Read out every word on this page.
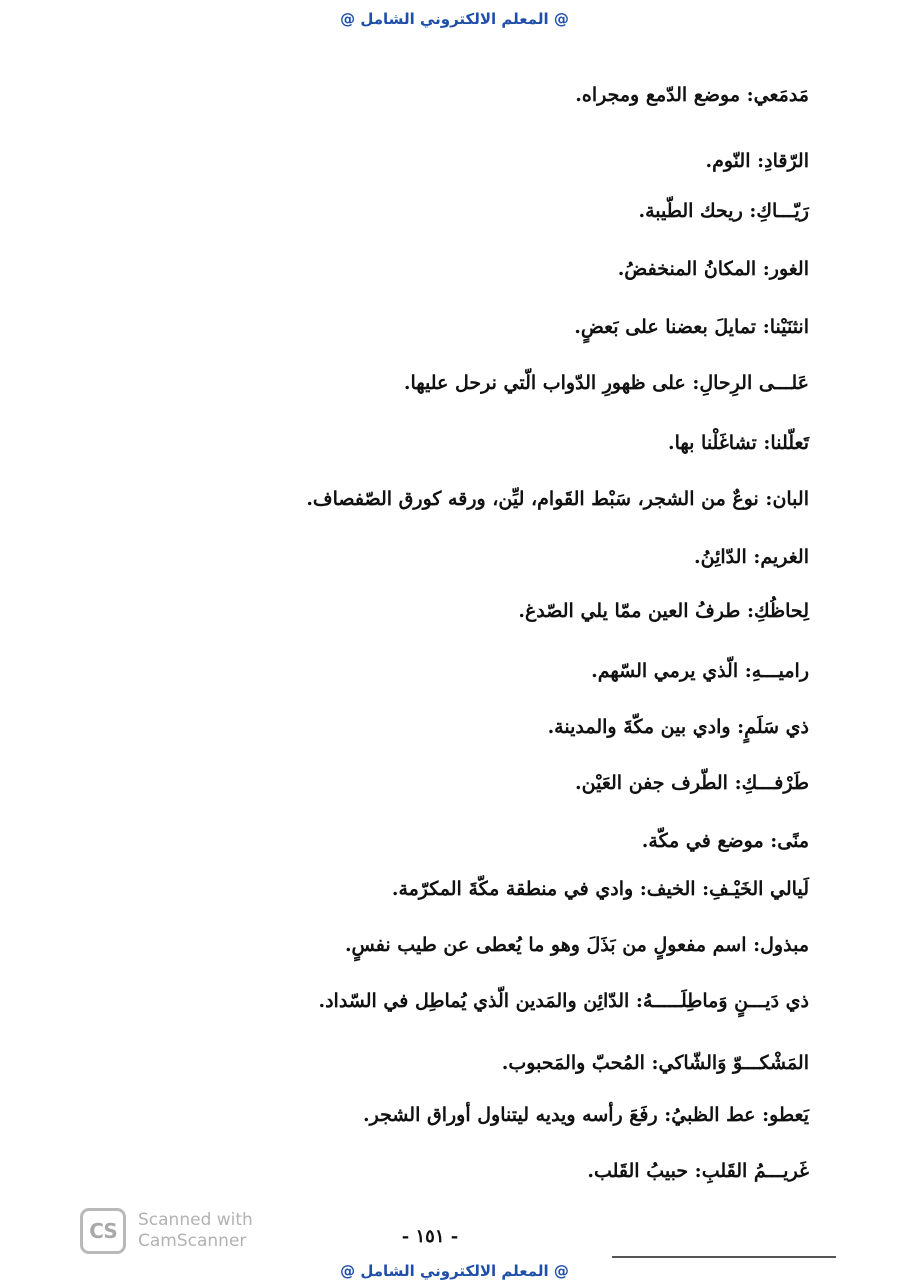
@ المعلم الالكتروني الشامل @
مَدمَعي: موضع الدّمع ومجراه.
الرّقادِ: النّوم.
رَيّـــاكِ: ريحك الطّيبة.
الغور: المكانُ المنخفضُ.
انثنَيْنا: تمايلَ بعضنا على بَعضٍ.
عَلـــى الرِحالِ: على ظهورِ الدّواب الّتي نرحل عليها.
تَعلّلنا: تشاغَلْنا بها.
البان: نوعٌ من الشجر، سَبْط القَوام، ليِّن، ورقه كورق الصّفصاف.
الغريم: الدّائِنُ.
لِحاظُكِ: طرفُ العين ممّا يلي الصّدغ.
راميـــهِ: الّذي يرمي السّهم.
ذي سَلَمٍ: وادي بين مكّةَ والمدينة.
طَرْفـــكِ: الطّرف جفن العَيْن.
منًى: موضع في مكّة.
لَيالي الخَيْـفِ: الخيف: وادي في منطقة مكّةَ المكرّمة.
مبذول: اسم مفعولٍ من بَذَلَ وهو ما يُعطى عن طيب نفسٍ.
ذي دَيـــنٍ وَماطِلَـــــهُ: الدّائِن والمَدين الّذي يُماطِل في السّداد.
المَشْكـــوّ وَالشّاكي: المُحبّ والمَحبوب.
يَعطو: عط الظبيُ: رفَعَ رأسه ويديه ليتناول أوراق الشجر.
غَريـــمُ القَلبِ: حبيبُ القَلب.
CS	Scanned with
CamScanner	- ١٥١ -
@ المعلم الالكتروني الشامل @
